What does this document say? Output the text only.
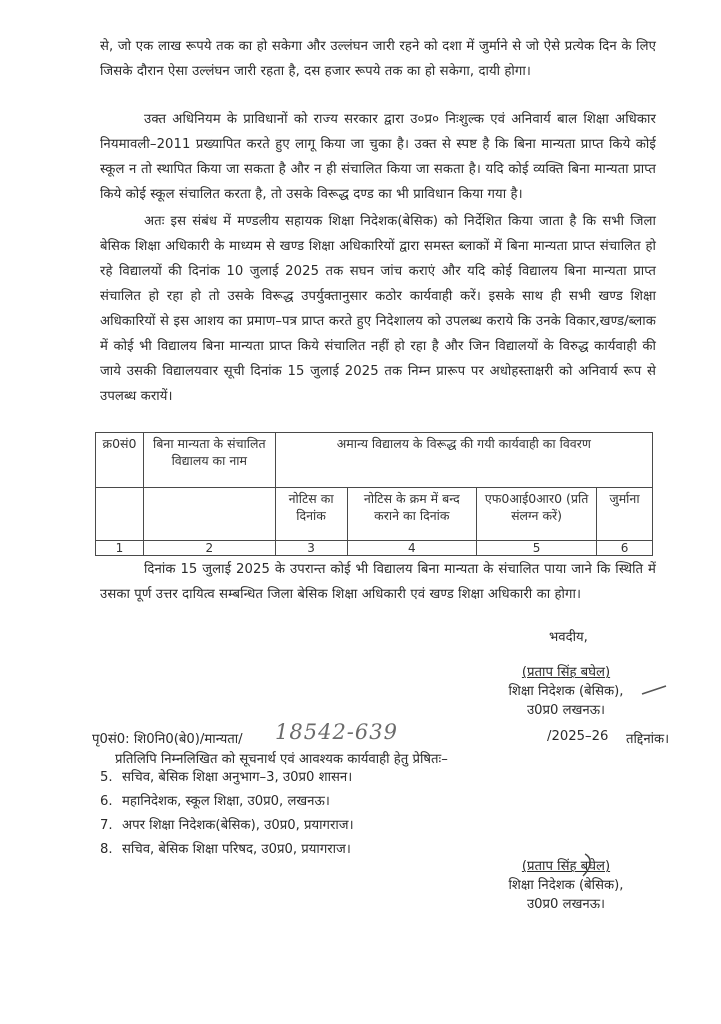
से, जो एक लाख रूपये तक का हो सकेगा और उल्लंघन जारी रहने को दशा में जुर्माने से जो ऐसे प्रत्येक दिन के लिए जिसके दौरान ऐसा उल्लंघन जारी रहता है, दस हजार रूपये तक का हो सकेगा, दायी होगा।
उक्त अधिनियम के प्राविधानों को राज्य सरकार द्वारा उ०प्र० निःशुल्क एवं अनिवार्य बाल शिक्षा अधिकार नियमावली–2011 प्रख्यापित करते हुए लागू किया जा चुका है। उक्त से स्पष्ट है कि बिना मान्यता प्राप्त किये कोई स्कूल न तो स्थापित किया जा सकता है और न ही संचालित किया जा सकता है। यदि कोई व्यक्ति बिना मान्यता प्राप्त किये कोई स्कूल संचालित करता है, तो उसके विरूद्ध दण्ड का भी प्राविधान किया गया है।
अतः इस संबंध में मण्डलीय सहायक शिक्षा निदेशक(बेसिक) को निर्देशित किया जाता है कि सभी जिला बेसिक शिक्षा अधिकारी के माध्यम से खण्ड शिक्षा अधिकारियों द्वारा समस्त ब्लाकों में बिना मान्यता प्राप्त संचालित हो रहे विद्यालयों की दिनांक 10 जुलाई 2025 तक सघन जांच कराएं और यदि कोई विद्यालय बिना मान्यता प्राप्त संचालित हो रहा हो तो उसके विरूद्ध उपर्युक्तानुसार कठोर कार्यवाही करें। इसके साथ ही सभी खण्ड शिक्षा अधिकारियों से इस आशय का प्रमाण–पत्र प्राप्त करते हुए निदेशालय को उपलब्ध कराये कि उनके विकार,खण्ड/ब्लाक में कोई भी विद्यालय बिना मान्यता प्राप्त किये संचालित नहीं हो रहा है और जिन विद्यालयों के विरुद्ध कार्यवाही की जाये उसकी विद्यालयवार सूची दिनांक 15 जुलाई 2025 तक निम्न प्रारूप पर अधोहस्ताक्षरी को अनिवार्य रूप से उपलब्ध करायें।
क्र0सं0	बिना मान्यता के संचालित विद्यालय का नाम	अमान्य विद्यालय के विरूद्ध की गयी कार्यवाही का विवरण			
		नोटिस का दिनांक	नोटिस के क्रम में बन्द कराने का दिनांक	एफ0आई0आर0 (प्रति संलग्न करें)	जुर्माना
1	2	3	4	5	6
दिनांक 15 जुलाई 2025 के उपरान्त कोई भी विद्यालय बिना मान्यता के संचालित पाया जाने कि स्थिति में उसका पूर्ण उत्तर दायित्व सम्बन्धित जिला बेसिक शिक्षा अधिकारी एवं खण्ड शिक्षा अधिकारी का होगा।
भवदीय,
(प्रताप सिंह बघेल)
शिक्षा निदेशक (बेसिक),
उ0प्र0 लखनऊ।
पृ0सं0: शि0नि0(बे0)/मान्यता/ 18542-639	/2025–26 तद्दिनांक।
प्रतिलिपि निम्नलिखित को सूचनार्थ एवं आवश्यक कार्यवाही हेतु प्रेषितः–
5. सचिव, बेसिक शिक्षा अनुभाग–3, उ0प्र0 शासन।
6. महानिदेशक, स्कूल शिक्षा, उ0प्र0, लखनऊ।
7. अपर शिक्षा निदेशक(बेसिक), उ0प्र0, प्रयागराज।
8. सचिव, बेसिक शिक्षा परिषद, उ0प्र0, प्रयागराज।
(प्रताप सिंह बघेल)
शिक्षा निदेशक (बेसिक),
उ0प्र0 लखनऊ।
